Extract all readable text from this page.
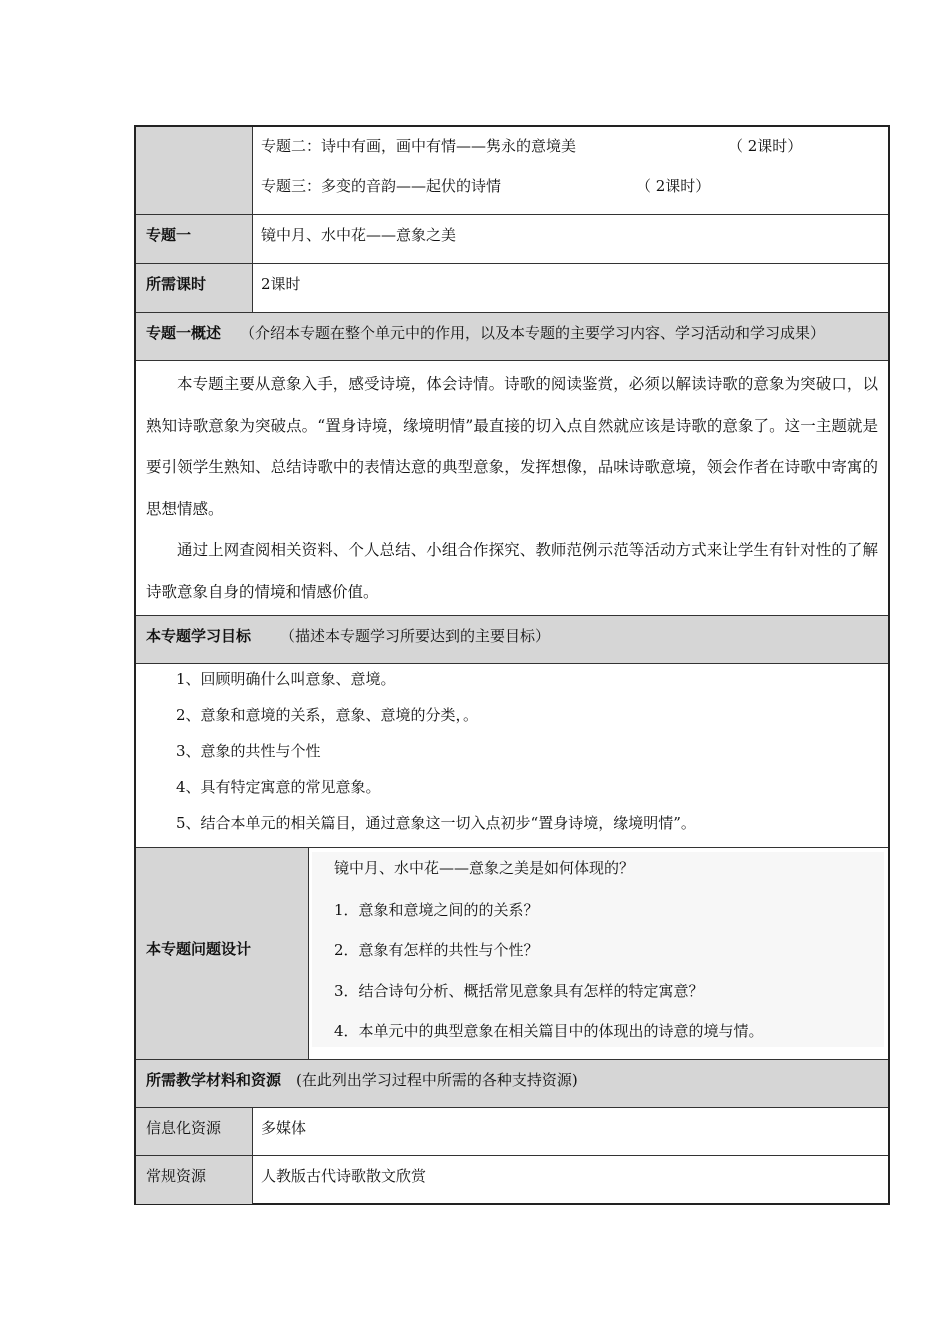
专题二：诗中有画，画中有情——隽永的意境美	（ 2课时）
专题三：多变的音韵——起伏的诗情	（ 2课时）
专题一	镜中月、水中花——意象之美
所需课时	2课时
专题一概述 （介绍本专题在整个单元中的作用，以及本专题的主要学习内容、学习活动和学习成果）

本专题主要从意象入手，感受诗境，体会诗情。诗歌的阅读鉴赏，必须以解读诗歌的意象为突破口，以熟知诗歌意象为突破点。“置身诗境，缘境明情”最直接的切入点自然就应该是诗歌的意象了。这一主题就是要引领学生熟知、总结诗歌中的表情达意的典型意象，发挥想像，品味诗歌意境，领会作者在诗歌中寄寓的思想情感。

通过上网查阅相关资料、个人总结、小组合作探究、教师范例示范等活动方式来让学生有针对性的了解诗歌意象自身的情境和情感价值。

本专题学习目标 （描述本专题学习所要达到的主要目标）
1、回顾明确什么叫意象、意境。
2、意象和意境的关系，意象、意境的分类，。
3、意象的共性与个性
4、具有特定寓意的常见意象。
5、结合本单元的相关篇目，通过意象这一切入点初步“置身诗境，缘境明情”。
本专题问题设计
镜中月、水中花——意象之美是如何体现的？
1．意象和意境之间的的关系？
2．意象有怎样的共性与个性？
3．结合诗句分析、概括常见意象具有怎样的特定寓意？
4．本单元中的典型意象在相关篇目中的体现出的诗意的境与情。
所需教学材料和资源 (在此列出学习过程中所需的各种支持资源)
信息化资源	多媒体
常规资源	人教版古代诗歌散文欣赏
